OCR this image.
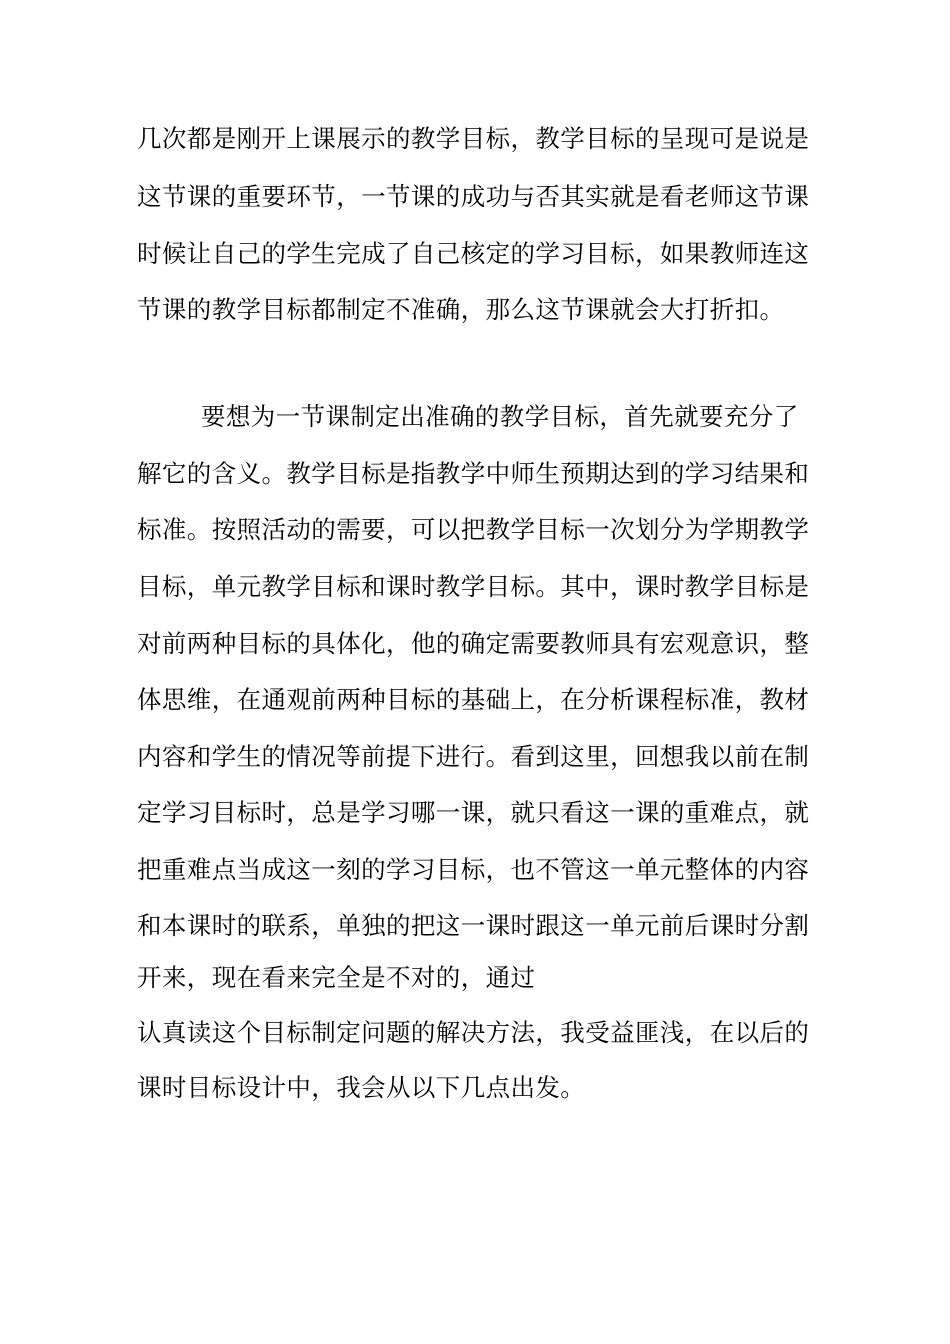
几次都是刚开上课展示的教学目标，教学目标的呈现可是说是
这节课的重要环节，一节课的成功与否其实就是看老师这节课
时候让自己的学生完成了自己核定的学习目标，如果教师连这
节课的教学目标都制定不准确，那么这节课就会大打折扣。
要想为一节课制定出准确的教学目标，首先就要充分了
解它的含义。教学目标是指教学中师生预期达到的学习结果和
标准。按照活动的需要，可以把教学目标一次划分为学期教学
目标，单元教学目标和课时教学目标。其中，课时教学目标是
对前两种目标的具体化，他的确定需要教师具有宏观意识，整
体思维，在通观前两种目标的基础上，在分析课程标准，教材
内容和学生的情况等前提下进行。看到这里，回想我以前在制
定学习目标时，总是学习哪一课，就只看这一课的重难点，就
把重难点当成这一刻的学习目标，也不管这一单元整体的内容
和本课时的联系，单独的把这一课时跟这一单元前后课时分割
开来，现在看来完全是不对的，通过
认真读这个目标制定问题的解决方法，我受益匪浅，在以后的
课时目标设计中，我会从以下几点出发。
